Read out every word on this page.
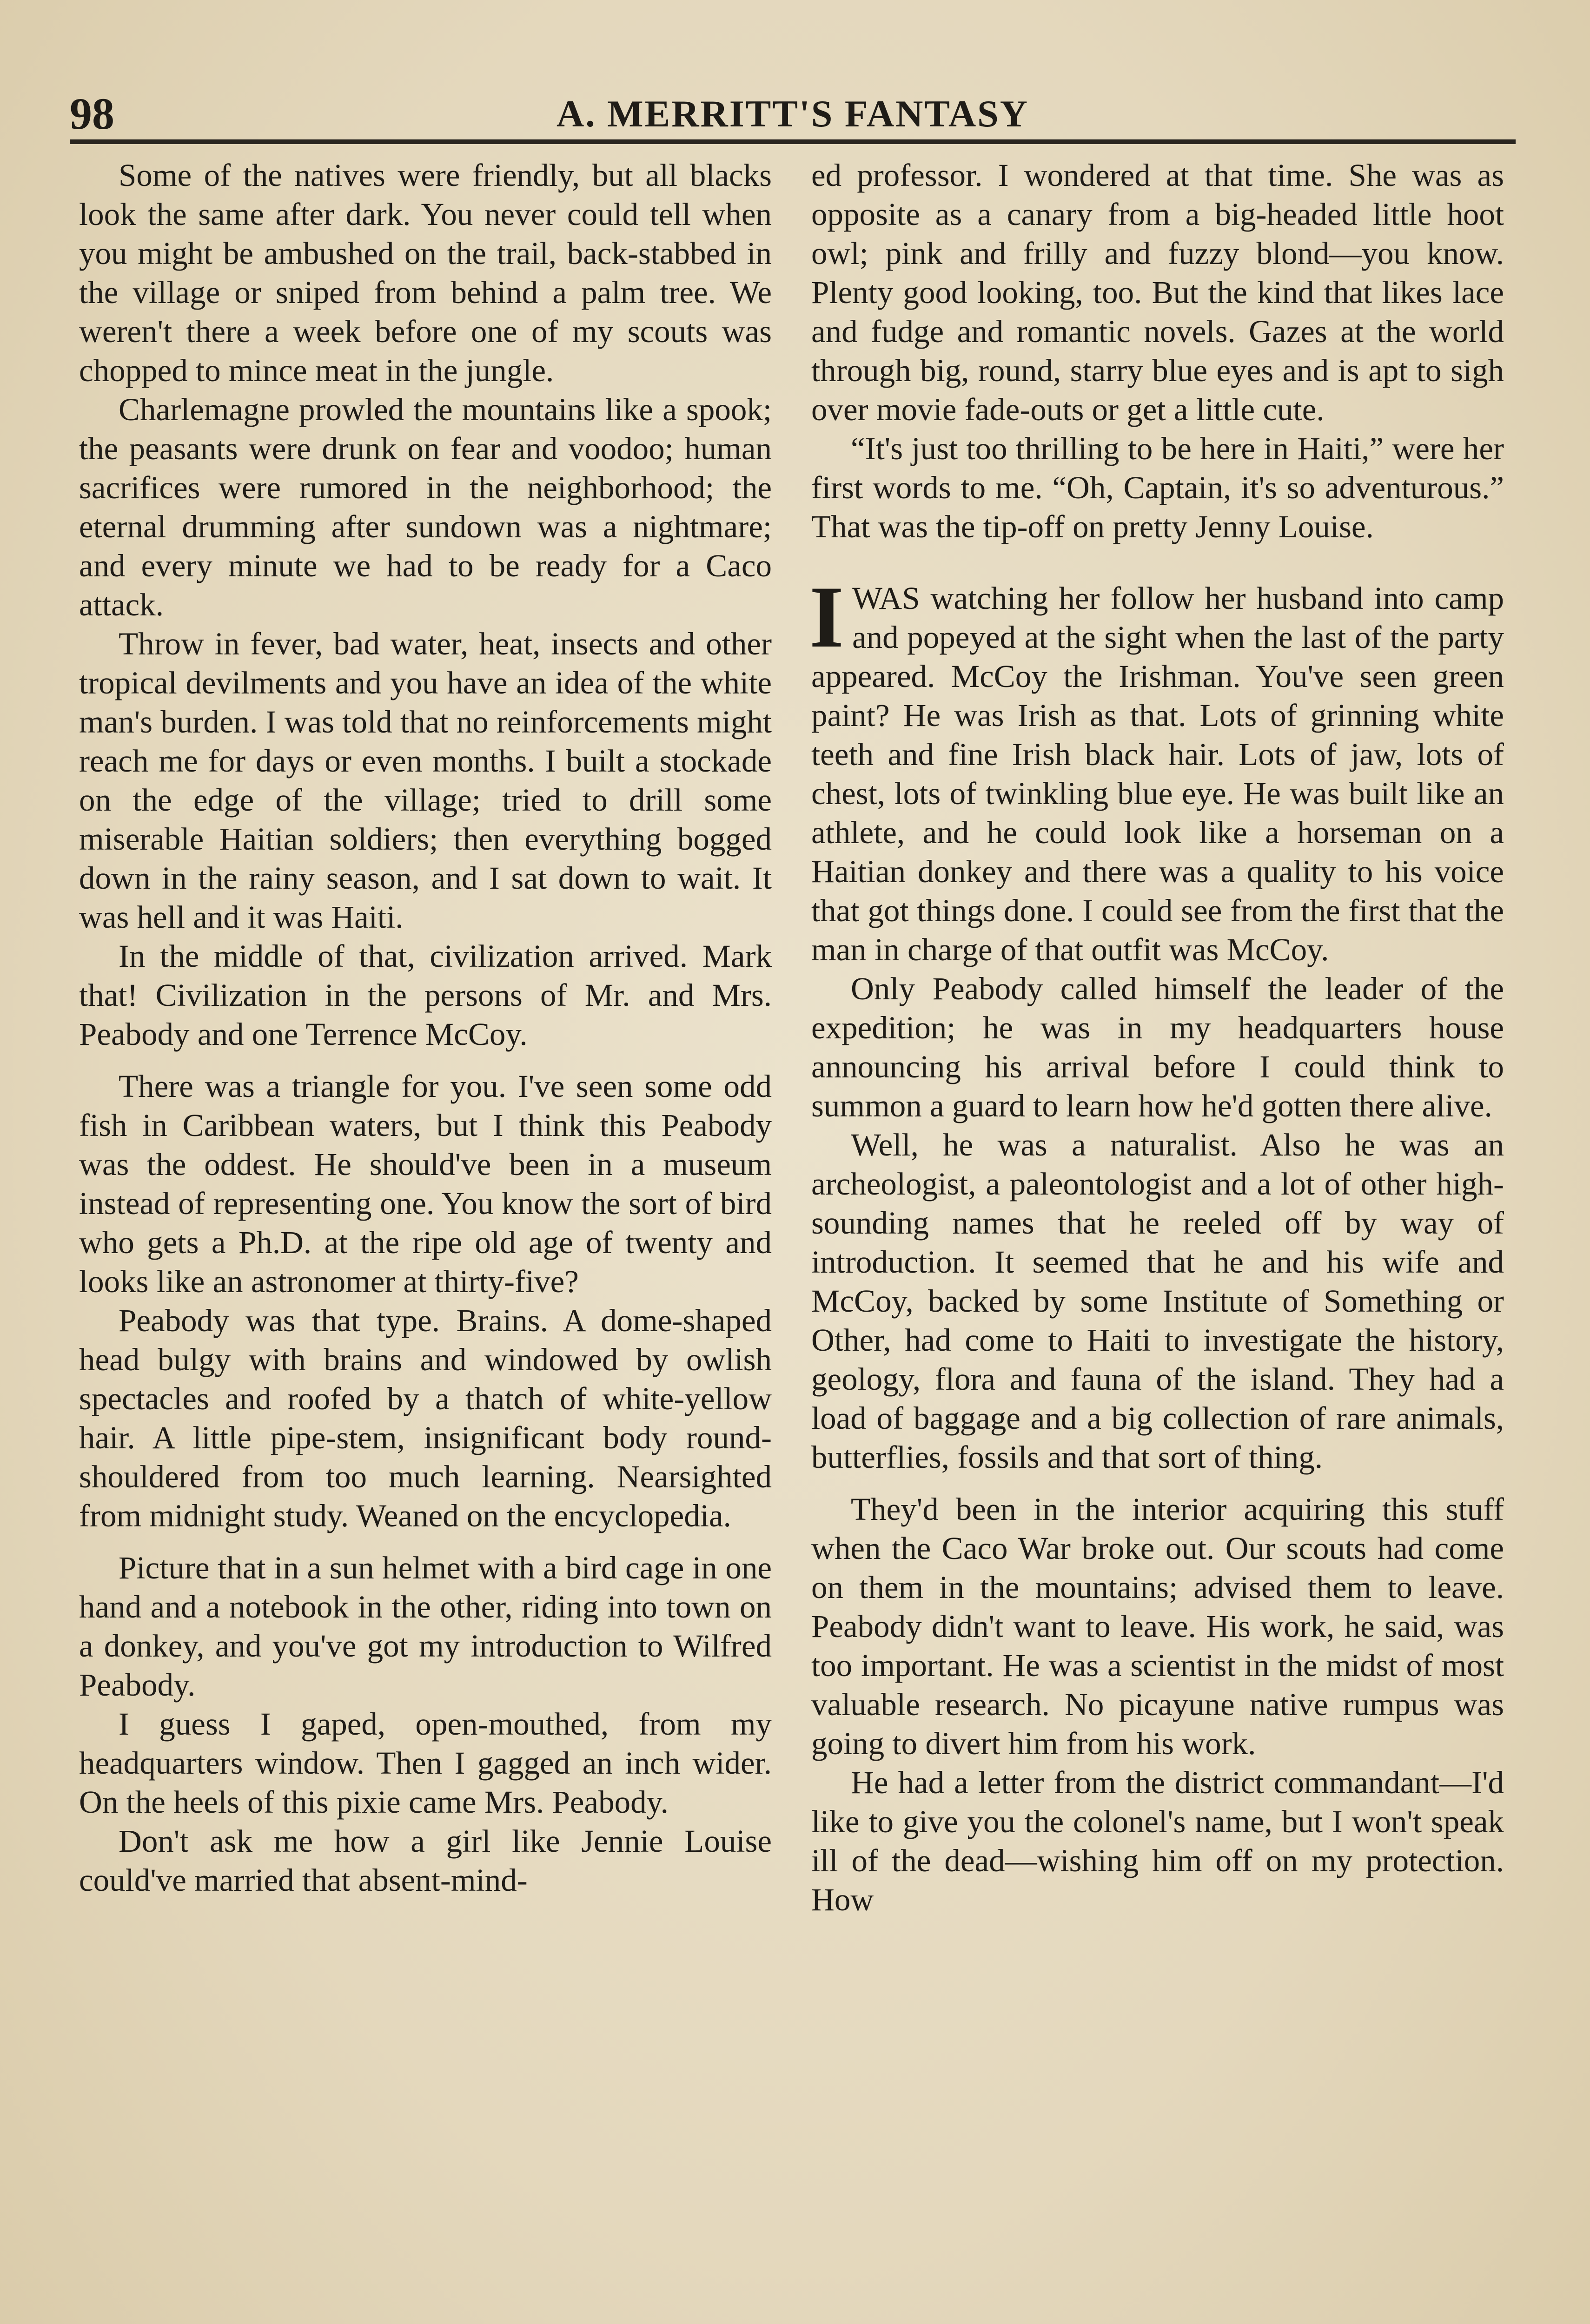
98	A. MERRITT'S FANTASY

Some of the natives were friendly, but all blacks look the same after dark. You never could tell when you might be ambushed on the trail, back-stabbed in the village or sniped from behind a palm tree. We weren't there a week before one of my scouts was chopped to mince meat in the jungle.

Charlemagne prowled the mountains like a spook; the peasants were drunk on fear and voodoo; human sacrifices were rumored in the neighborhood; the eternal drumming after sundown was a nightmare; and every minute we had to be ready for a Caco attack.

Throw in fever, bad water, heat, insects and other tropical devilments and you have an idea of the white man's burden. I was told that no reinforcements might reach me for days or even months. I built a stockade on the edge of the village; tried to drill some miserable Haitian soldiers; then everything bogged down in the rainy season, and I sat down to wait. It was hell and it was Haiti.

In the middle of that, civilization arrived. Mark that! Civilization in the persons of Mr. and Mrs. Peabody and one Terrence McCoy.

There was a triangle for you. I've seen some odd fish in Caribbean waters, but I think this Peabody was the oddest. He should've been in a museum instead of representing one. You know the sort of bird who gets a Ph.D. at the ripe old age of twenty and looks like an astronomer at thirty-five?

Peabody was that type. Brains. A dome-shaped head bulgy with brains and windowed by owlish spectacles and roofed by a thatch of white-yellow hair. A little pipe-stem, insignificant body round-shouldered from too much learning. Nearsighted from midnight study. Weaned on the encyclopedia.

Picture that in a sun helmet with a bird cage in one hand and a notebook in the other, riding into town on a donkey, and you've got my introduction to Wilfred Peabody.

I guess I gaped, open-mouthed, from my headquarters window. Then I gagged an inch wider. On the heels of this pixie came Mrs. Peabody.

Don't ask me how a girl like Jennie Louise could've married that absent-mind-

ed professor. I wondered at that time. She was as opposite as a canary from a big-headed little hoot owl; pink and frilly and fuzzy blond—you know. Plenty good looking, too. But the kind that likes lace and fudge and romantic novels. Gazes at the world through big, round, starry blue eyes and is apt to sigh over movie fade-outs or get a little cute.

“It's just too thrilling to be here in Haiti,” were her first words to me. “Oh, Captain, it's so adventurous.” That was the tip-off on pretty Jenny Louise.

IWAS watching her follow her husband into camp and popeyed at the sight when the last of the party appeared. McCoy the Irishman. You've seen green paint? He was Irish as that. Lots of grinning white teeth and fine Irish black hair. Lots of jaw, lots of chest, lots of twinkling blue eye. He was built like an athlete, and he could look like a horseman on a Haitian donkey and there was a quality to his voice that got things done. I could see from the first that the man in charge of that outfit was McCoy.

Only Peabody called himself the leader of the expedition; he was in my headquarters house announcing his arrival before I could think to summon a guard to learn how he'd gotten there alive.

Well, he was a naturalist. Also he was an archeologist, a paleontologist and a lot of other high-sounding names that he reeled off by way of introduction. It seemed that he and his wife and McCoy, backed by some Institute of Something or Other, had come to Haiti to investigate the history, geology, flora and fauna of the island. They had a load of baggage and a big collection of rare animals, butterflies, fossils and that sort of thing.

They'd been in the interior acquiring this stuff when the Caco War broke out. Our scouts had come on them in the mountains; advised them to leave. Peabody didn't want to leave. His work, he said, was too important. He was a scientist in the midst of most valuable research. No picayune native rumpus was going to divert him from his work.

He had a letter from the district commandant—I'd like to give you the colonel's name, but I won't speak ill of the dead—wishing him off on my protection. How
